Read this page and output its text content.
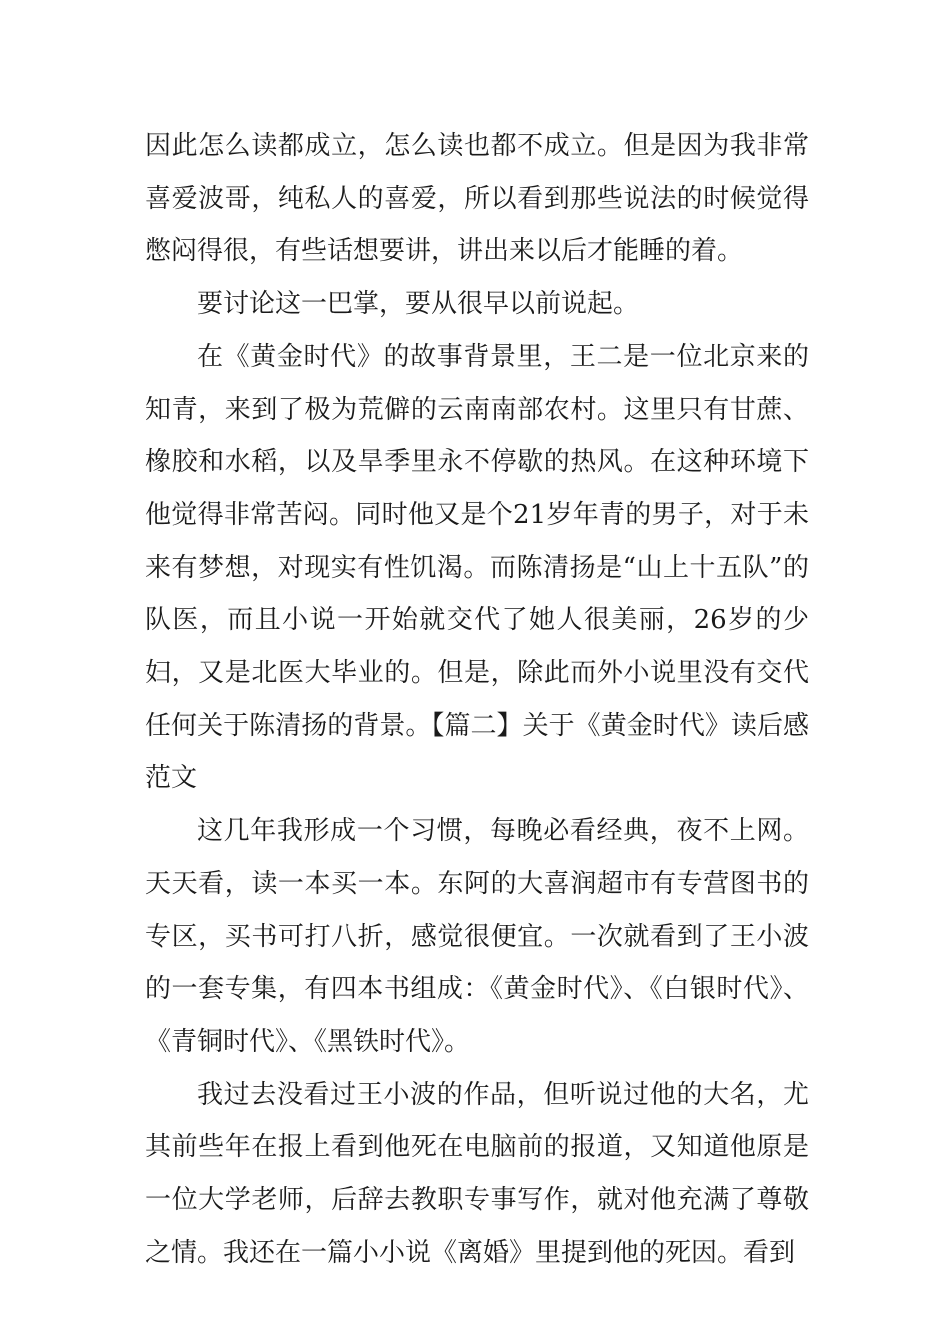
因此怎么读都成立，怎么读也都不成立。但是因为我非常喜爱波哥，纯私人的喜爱，所以看到那些说法的时候觉得憋闷得很，有些话想要讲，讲出来以后才能睡的着。

要讨论这一巴掌，要从很早以前说起。

在《黄金时代》的故事背景里，王二是一位北京来的知青，来到了极为荒僻的云南南部农村。这里只有甘蔗、橡胶和水稻，以及旱季里永不停歇的热风。在这种环境下他觉得非常苦闷。同时他又是个21岁年青的男子，对于未来有梦想，对现实有性饥渴。而陈清扬是“山上十五队”的队医，而且小说一开始就交代了她人很美丽，26岁的少妇，又是北医大毕业的。但是，除此而外小说里没有交代任何关于陈清扬的背景。【篇二】关于《黄金时代》读后感范文

这几年我形成一个习惯，每晚必看经典，夜不上网。天天看，读一本买一本。东阿的大喜润超市有专营图书的专区，买书可打八折，感觉很便宜。一次就看到了王小波的一套专集，有四本书组成：《黄金时代》、《白银时代》、《青铜时代》、《黑铁时代》。

我过去没看过王小波的作品，但听说过他的大名，尤其前些年在报上看到他死在电脑前的报道，又知道他原是一位大学老师，后辞去教职专事写作，就对他充满了尊敬之情。我还在一篇小小说《离婚》里提到他的死因。看到
